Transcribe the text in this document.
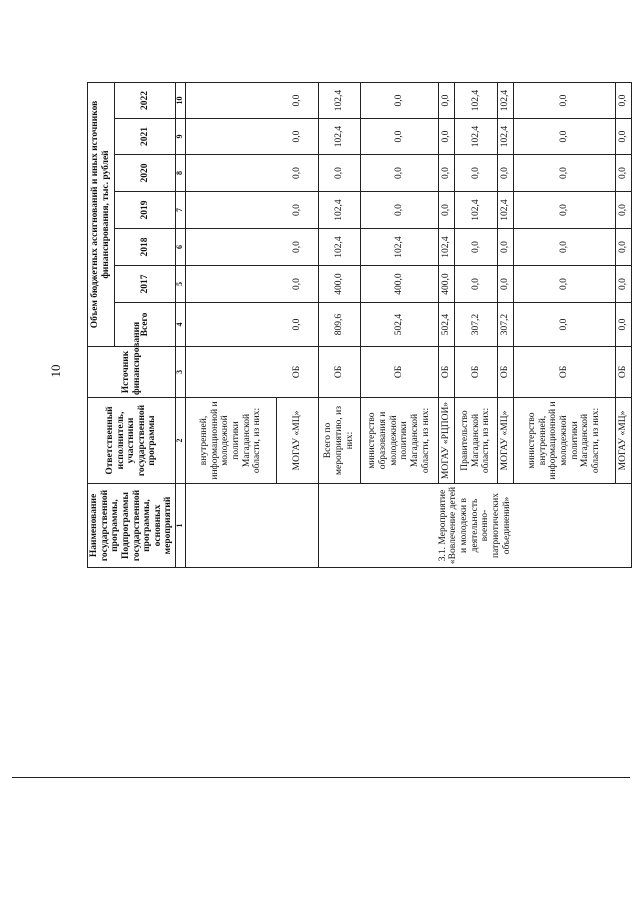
10
Наименование государственной программы, Подпрограммы государственной программы, основных мероприятий	Ответственный исполнитель, участники государственной программы	Источник финансирования	Объем бюджетных ассигнований и иных источников финансирования, тыс. рублей						
			Всего	2017	2018	2019	2020	2021	2022
1	2	3	4	5	6	7	8	9	10
	внутренней, информационной и молодежной политики Магаданской области, из них:								
	МОГАУ «МЦ»	ОБ	0,0	0,0	0,0	0,0	0,0	0,0	0,0
3.1. Мероприятие «Вовлечение детей и молодежи в деятельность военно-патриотических объединений»	Всего по мероприятию, из них:	ОБ	809,6	400,0	102,4	102,4	0,0	102,4	102,4
	министерство образования и молодежной политики Магаданской области, из них:	ОБ	502,4	400,0	102,4	0,0	0,0	0,0	0,0
	МОГАУ «РЦПОИ»	ОБ	502,4	400,0	102,4	0,0	0,0	0,0	0,0
	Правительство Магаданской области, из них:	ОБ	307,2	0,0	0,0	102,4	0,0	102,4	102,4
	МОГАУ «МЦ»	ОБ	307,2	0,0	0,0	102,4	0,0	102,4	102,4
	министерство внутренней, информационной и молодежной политики Магаданской области, из них:	ОБ	0,0	0,0	0,0	0,0	0,0	0,0	0,0
	МОГАУ «МЦ»	ОБ	0,0	0,0	0,0	0,0	0,0	0,0	0,0
